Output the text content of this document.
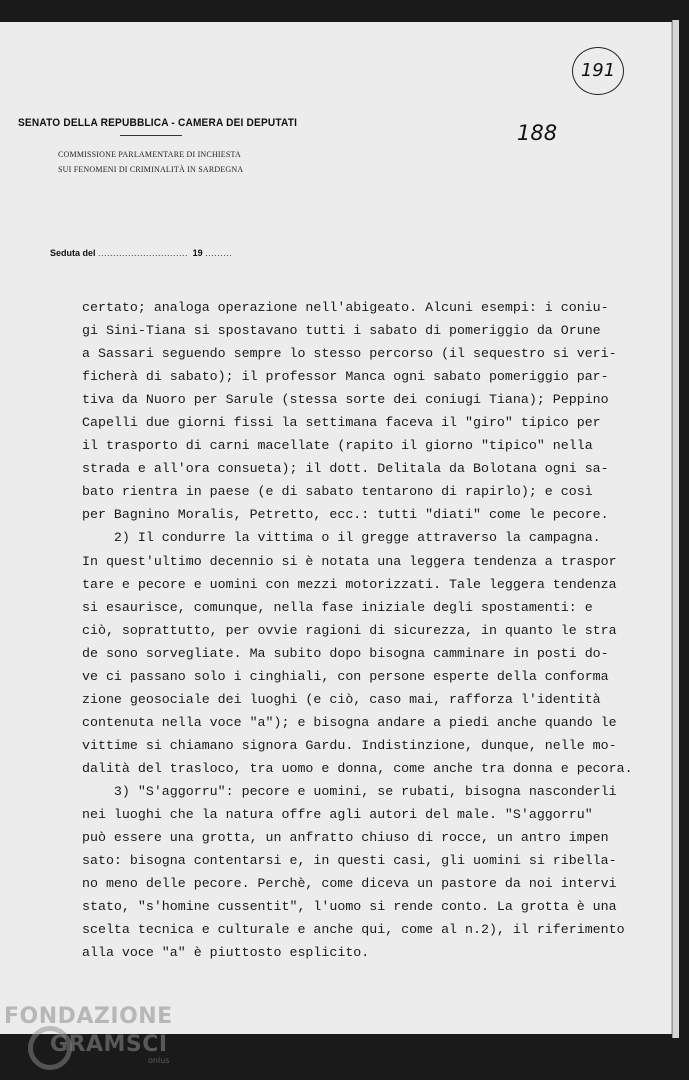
191
SENATO DELLA REPUBBLICA - CAMERA DEI DEPUTATI
COMMISSIONE PARLAMENTARE DI INCHIESTA
SUI FENOMENI DI CRIMINALITÀ IN SARDEGNA
188
Seduta del .............................. 19 .........
certato; analoga operazione nell'abigeato. Alcuni esempi: i coniu-
gi Sini-Tiana si spostavano tutti i sabato di pomeriggio da Orune
a Sassari seguendo sempre lo stesso percorso (il sequestro si veri-
ficherà di sabato); il professor Manca ogni sabato pomeriggio par-
tiva da Nuoro per Sarule (stessa sorte dei coniugi Tiana); Peppino
Capelli due giorni fissi la settimana faceva il "giro" tipico per
il trasporto di carni macellate (rapito il giorno "tipico" nella
strada e all'ora consueta); il dott. Delitala da Bolotana ogni sa-
bato rientra in paese (e di sabato tentarono di rapirlo); e così
per Bagnino Moralis, Petretto, ecc.: tutti "diati" come le pecore.
2) Il condurre la vittima o il gregge attraverso la campagna.
In quest'ultimo decennio si è notata una leggera tendenza a traspor
tare e pecore e uomini con mezzi motorizzati. Tale leggera tendenza
si esaurisce, comunque, nella fase iniziale degli spostamenti: e
ciò, soprattutto, per ovvie ragioni di sicurezza, in quanto le stra
de sono sorvegliate. Ma subito dopo bisogna camminare in posti do-
ve ci passano solo i cinghiali, con persone esperte della conforma
zione geosociale dei luoghi (e ciò, caso mai, rafforza l'identità
contenuta nella voce "a"); e bisogna andare a piedi anche quando le
vittime si chiamano signora Gardu. Indistinzione, dunque, nelle mo-
dalità del trasloco, tra uomo e donna, come anche tra donna e pecora.
3) "S'aggorru": pecore e uomini, se rubati, bisogna nasconderli
nei luoghi che la natura offre agli autori del male. "S'aggorru"
può essere una grotta, un anfratto chiuso di rocce, un antro impen
sato: bisogna contentarsi e, in questi casi, gli uomini si ribella-
no meno delle pecore. Perchè, come diceva un pastore da noi intervi
stato, "s'homine cussentit", l'uomo si rende conto. La grotta è una
scelta tecnica e culturale e anche qui, come al n.2), il riferimento
alla voce "a" è piuttosto esplicito.
FONDAZIONE
GRAMSCI
onlus
